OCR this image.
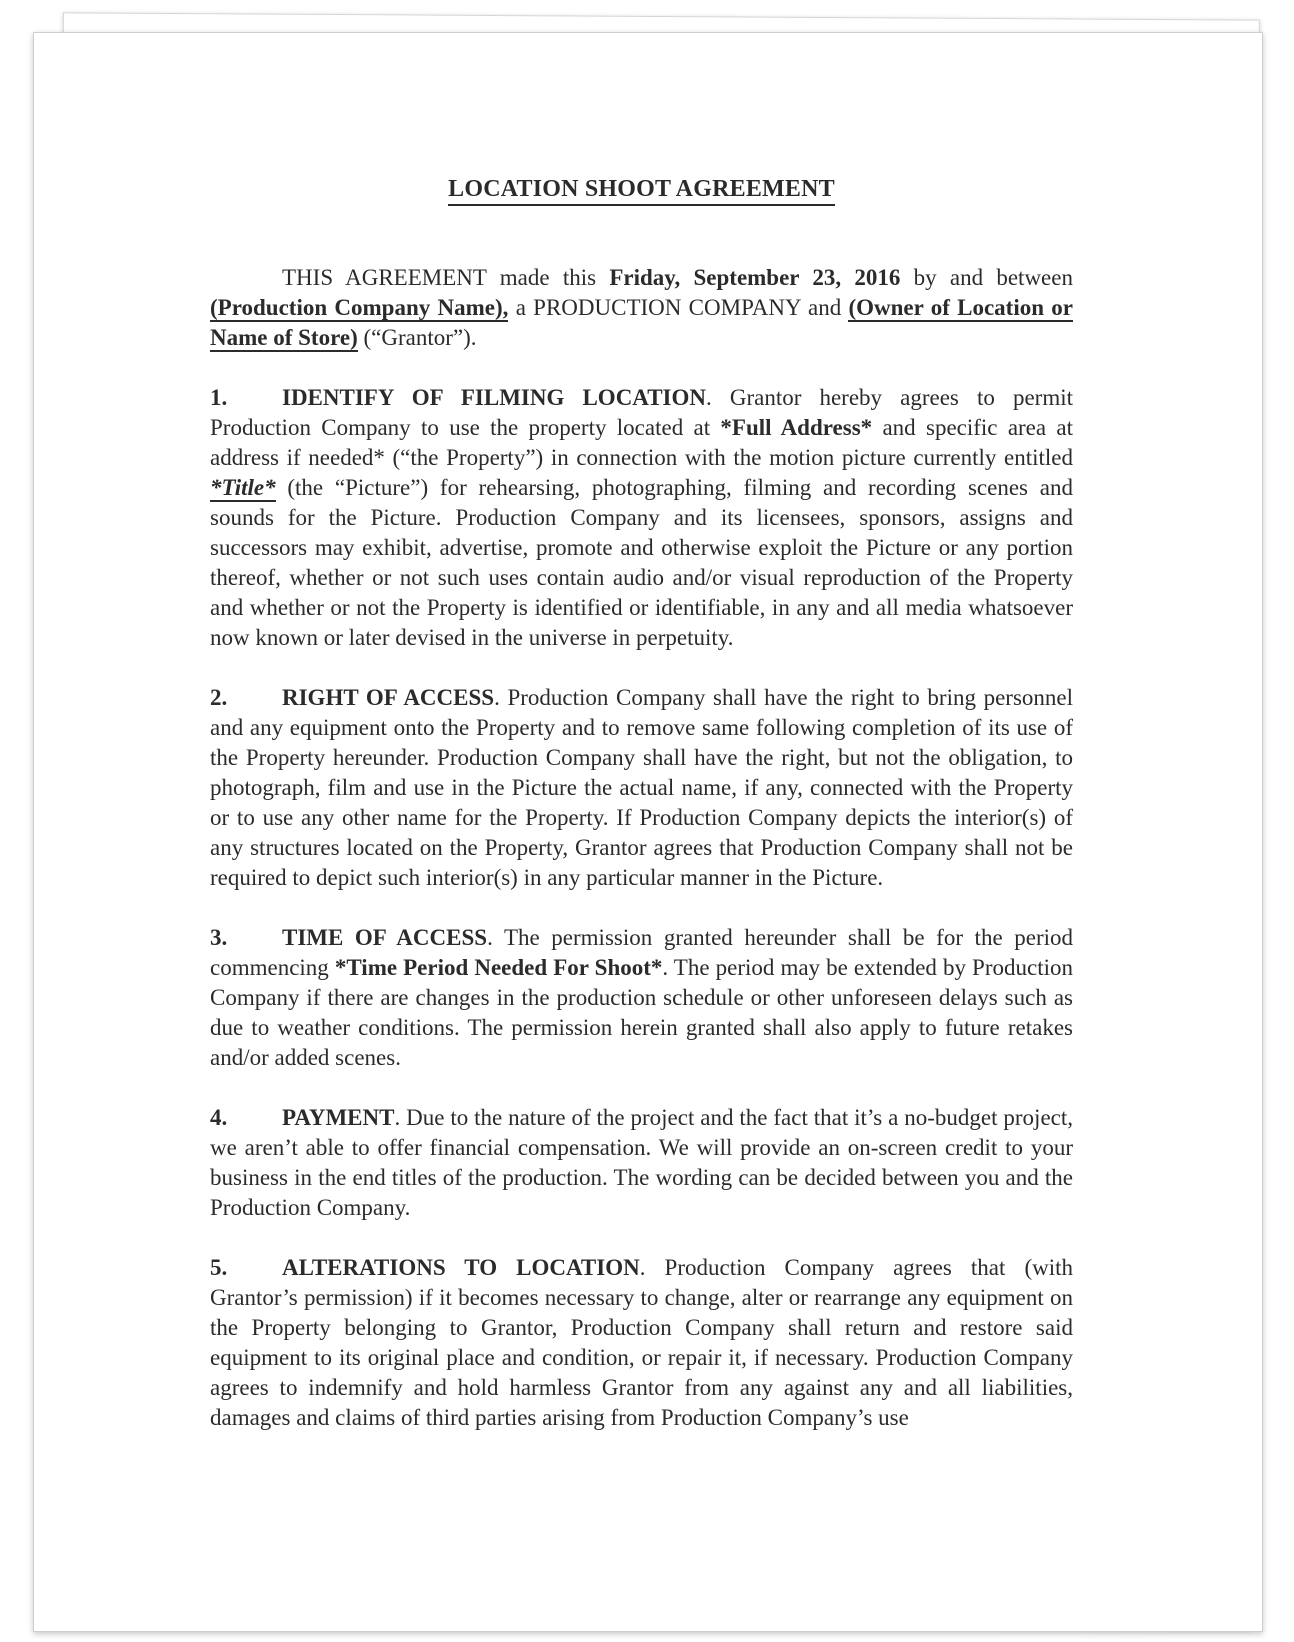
LOCATION SHOOT AGREEMENT

THIS AGREEMENT made this Friday, September 23, 2016 by and between (Production Company Name), a PRODUCTION COMPANY and (Owner of Location or Name of Store) (“Grantor”).

1. IDENTIFY OF FILMING LOCATION. Grantor hereby agrees to permit Production Company to use the property located at *Full Address* and specific area at address if needed* (“the Property”) in connection with the motion picture currently entitled *Title* (the “Picture”) for rehearsing, photographing, filming and recording scenes and sounds for the Picture. Production Company and its licensees, sponsors, assigns and successors may exhibit, advertise, promote and otherwise exploit the Picture or any portion thereof, whether or not such uses contain audio and/or visual reproduction of the Property and whether or not the Property is identified or identifiable, in any and all media whatsoever now known or later devised in the universe in perpetuity.

2. RIGHT OF ACCESS. Production Company shall have the right to bring personnel and any equipment onto the Property and to remove same following completion of its use of the Property hereunder. Production Company shall have the right, but not the obligation, to photograph, film and use in the Picture the actual name, if any, connected with the Property or to use any other name for the Property. If Production Company depicts the interior(s) of any structures located on the Property, Grantor agrees that Production Company shall not be required to depict such interior(s) in any particular manner in the Picture.

3. TIME OF ACCESS. The permission granted hereunder shall be for the period commencing *Time Period Needed For Shoot*. The period may be extended by Production Company if there are changes in the production schedule or other unforeseen delays such as due to weather conditions. The permission herein granted shall also apply to future retakes and/or added scenes.

4. PAYMENT. Due to the nature of the project and the fact that it’s a no-budget project, we aren’t able to offer financial compensation. We will provide an on-screen credit to your business in the end titles of the production. The wording can be decided between you and the Production Company.

5. ALTERATIONS TO LOCATION. Production Company agrees that (with Grantor’s permission) if it becomes necessary to change, alter or rearrange any equipment on the Property belonging to Grantor, Production Company shall return and restore said equipment to its original place and condition, or repair it, if necessary. Production Company agrees to indemnify and hold harmless Grantor from any against any and all liabilities, damages and claims of third parties arising from Production Company’s use
